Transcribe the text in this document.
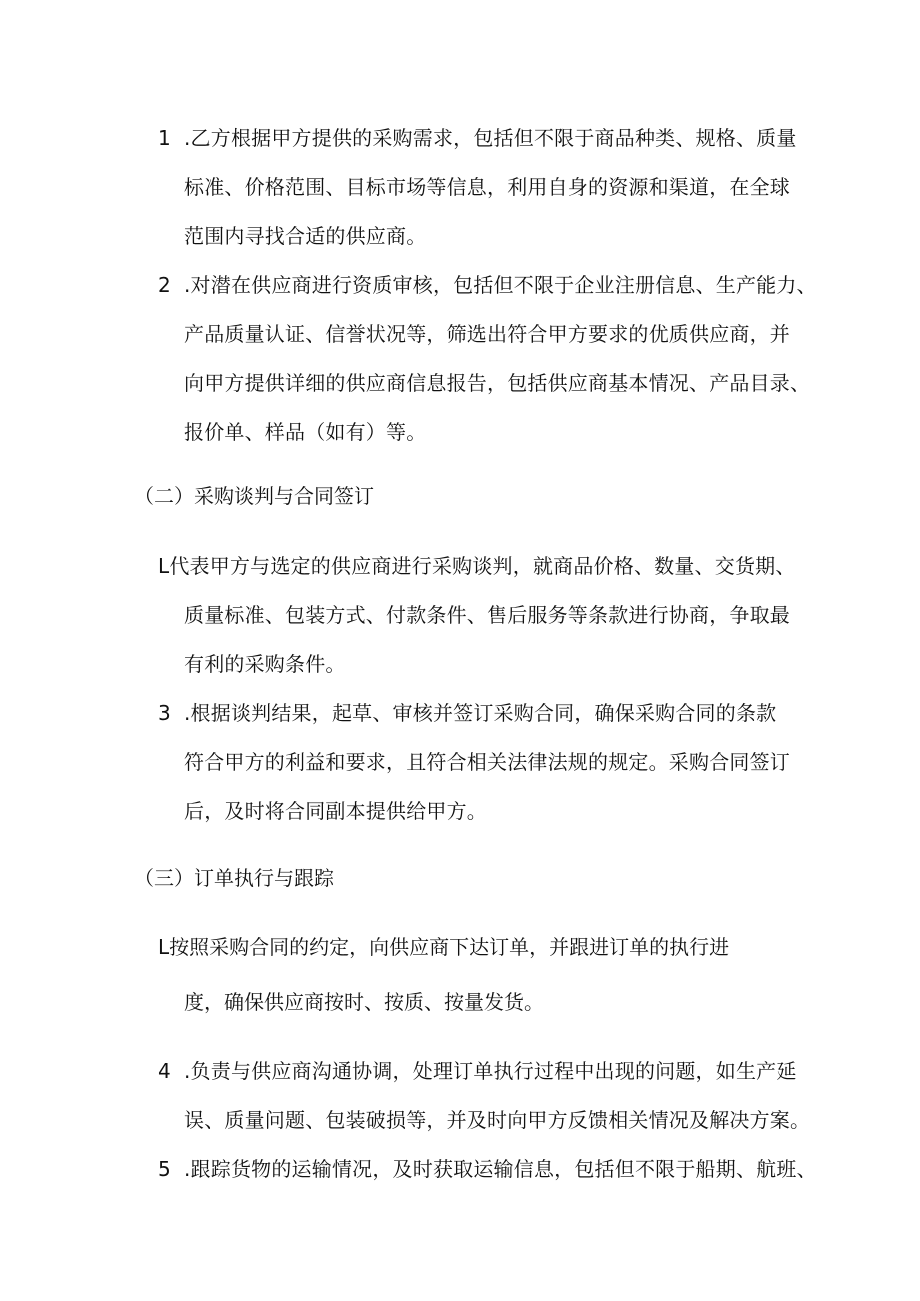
1 .乙方根据甲方提供的采购需求，包括但不限于商品种类、规格、质量
标准、价格范围、目标市场等信息，利用自身的资源和渠道，在全球
范围内寻找合适的供应商。
2 .对潜在供应商进行资质审核，包括但不限于企业注册信息、生产能力、
产品质量认证、信誉状况等，筛选出符合甲方要求的优质供应商，并
向甲方提供详细的供应商信息报告，包括供应商基本情况、产品目录、
报价单、样品（如有）等。
（二）采购谈判与合同签订
L代表甲方与选定的供应商进行采购谈判，就商品价格、数量、交货期、
质量标准、包装方式、付款条件、售后服务等条款进行协商，争取最
有利的采购条件。
3 .根据谈判结果，起草、审核并签订采购合同，确保采购合同的条款
符合甲方的利益和要求，且符合相关法律法规的规定。采购合同签订
后，及时将合同副本提供给甲方。
（三）订单执行与跟踪
L按照采购合同的约定，向供应商下达订单，并跟进订单的执行进
度，确保供应商按时、按质、按量发货。
4 .负责与供应商沟通协调，处理订单执行过程中出现的问题，如生产延
误、质量问题、包装破损等，并及时向甲方反馈相关情况及解决方案。
5 .跟踪货物的运输情况，及时获取运输信息，包括但不限于船期、航班、
